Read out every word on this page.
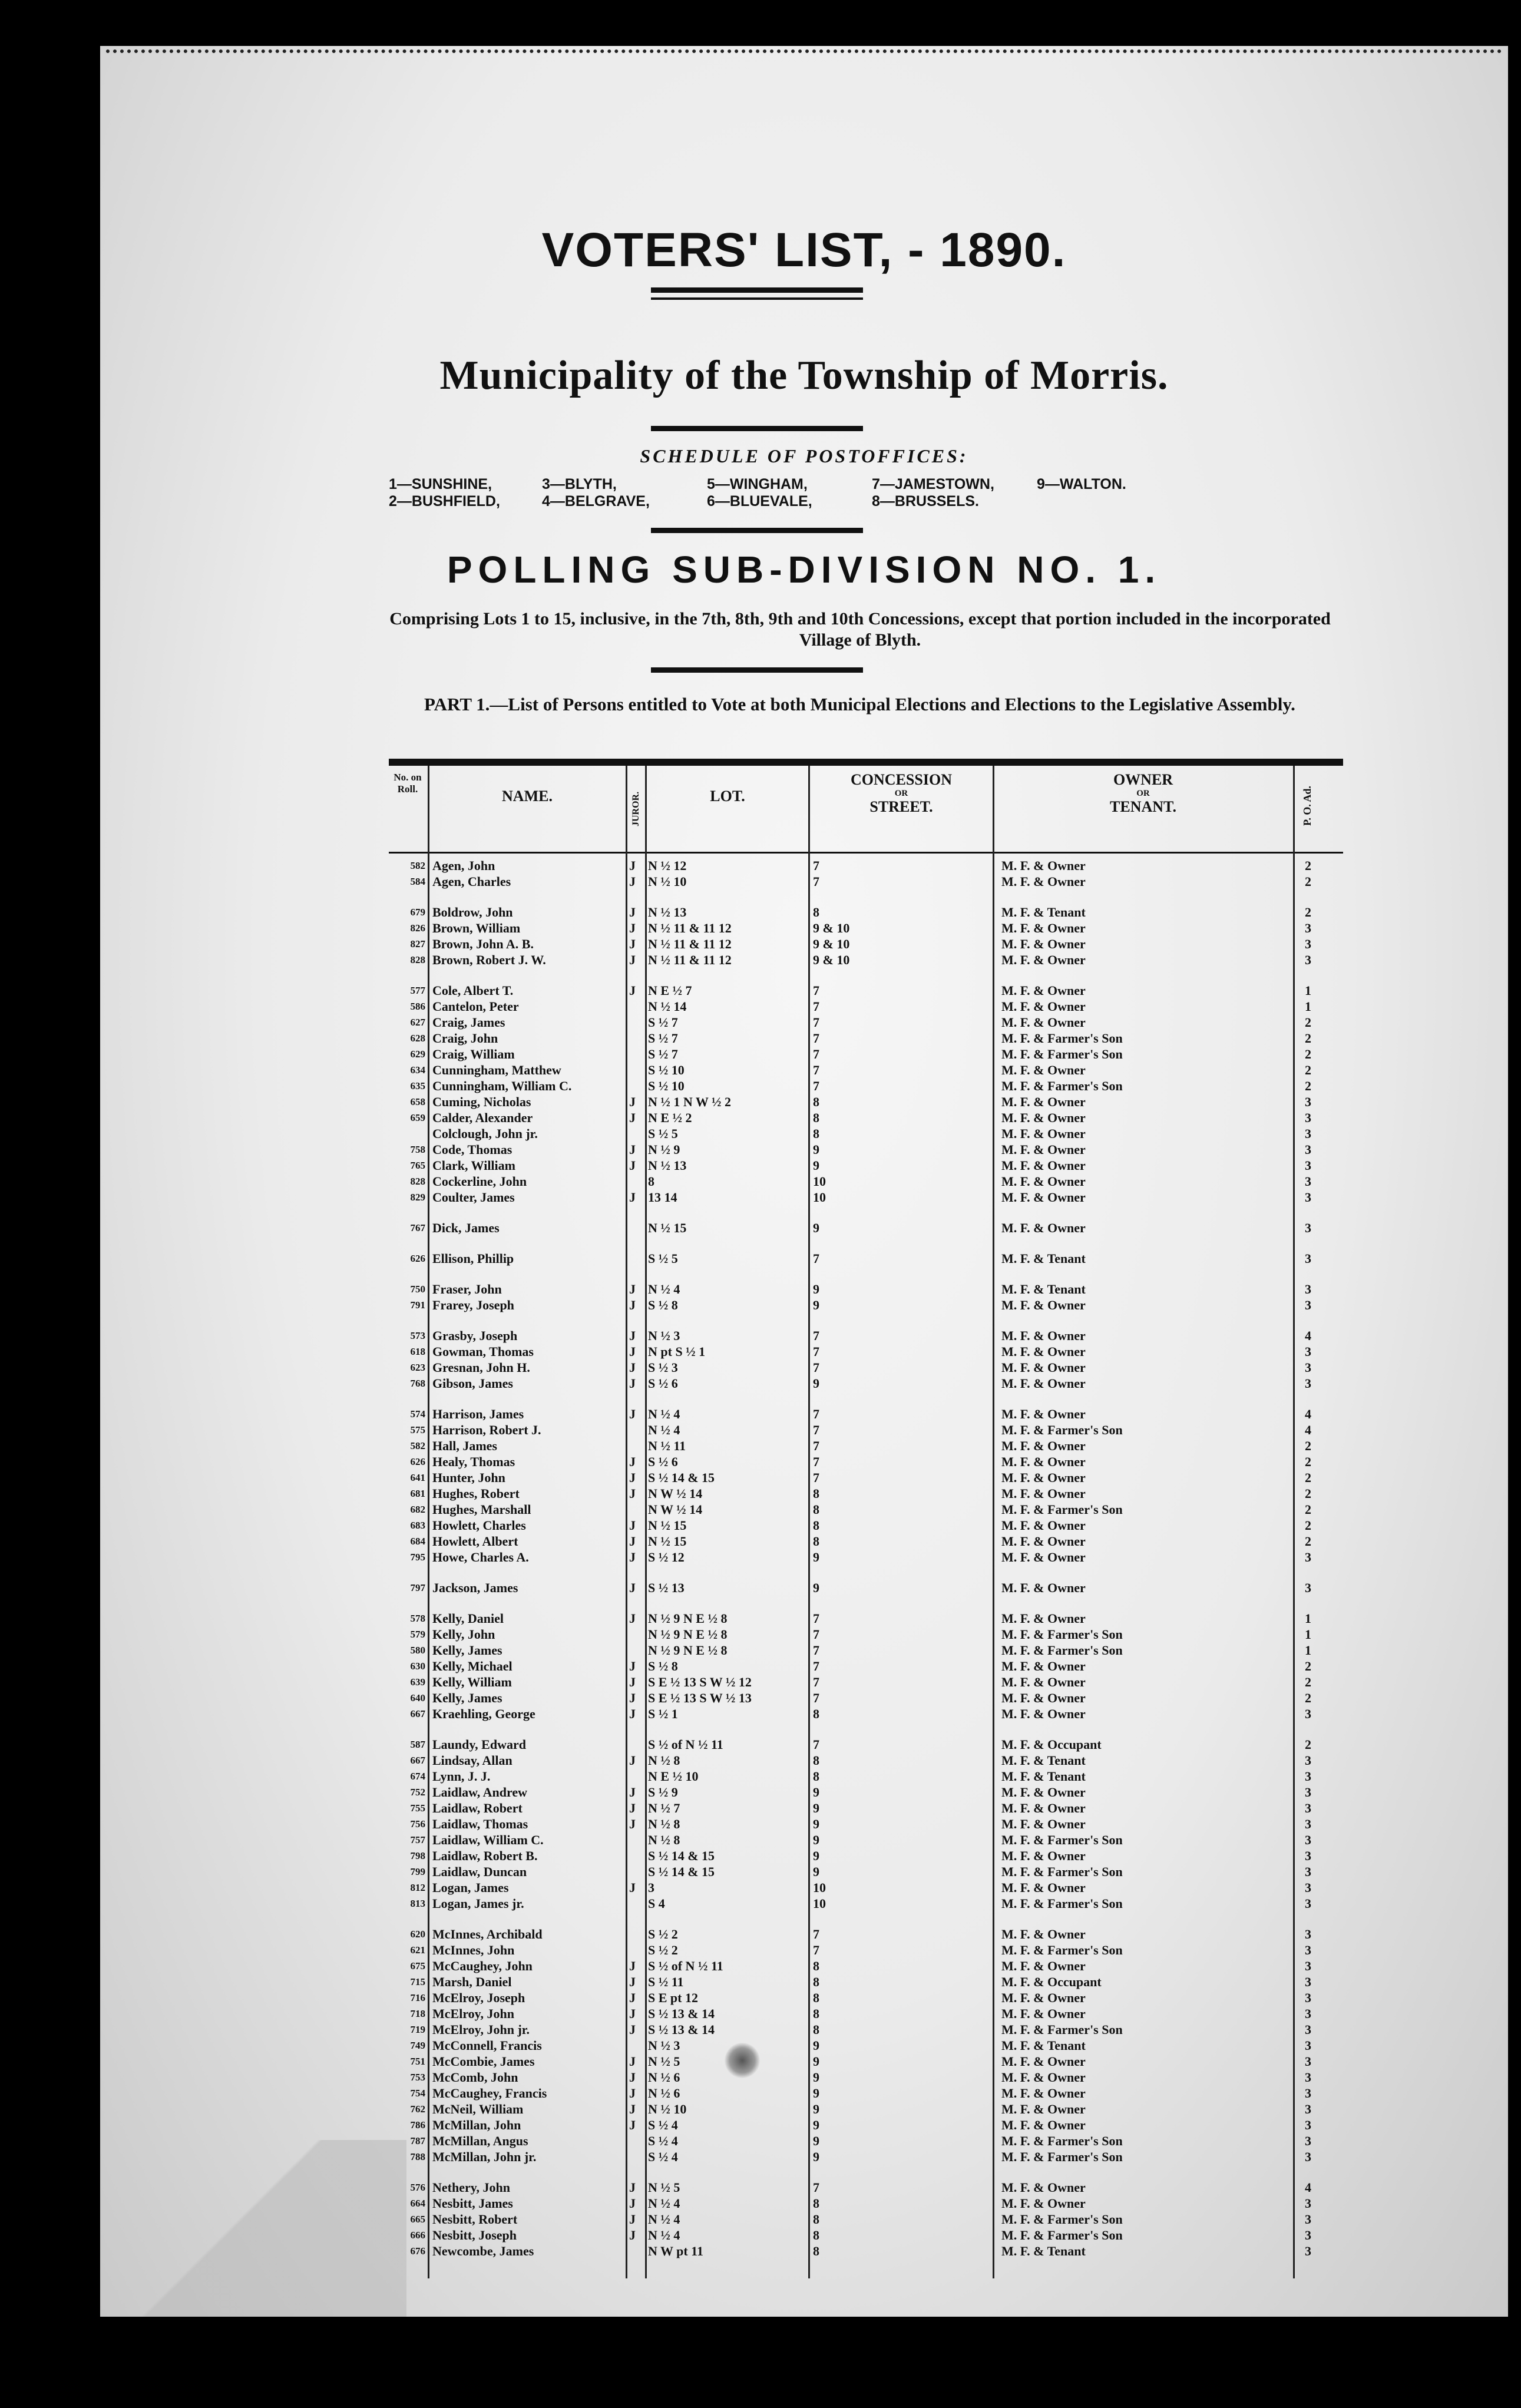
VOTERS' LIST, - 1890.
Municipality of the Township of Morris.
SCHEDULE OF POSTOFFICES:
1—SUNSHINE,	3—BLYTH,	5—WINGHAM,	7—JAMESTOWN,	9—WALTON.
2—BUSHFIELD,	4—BELGRAVE,	6—BLUEVALE,	8—BRUSSELS.
POLLING SUB-DIVISION NO. 1.
Comprising Lots 1 to 15, inclusive, in the 7th, 8th, 9th and 10th Concessions, except that portion included in the incorporated Village of Blyth.
PART 1.—List of Persons entitled to Vote at both Municipal Elections and Elections to the Legislative Assembly.
No. on Roll.	NAME.	JUROR.	LOT.
CONCESSION
OR
STREET.
OWNER
OR
TENANT.	P. O. Ad.
582 Agen, John	J N ½ 12	7	M. F. & Owner	2
584 Agen, Charles	J N ½ 10	7	M. F. & Owner	2
679 Boldrow, John	J N ½ 13	8	M. F. & Tenant	2
826 Brown, William	J N ½ 11 & 11 12	9 & 10	M. F. & Owner	3
827 Brown, John A. B.	J N ½ 11 & 11 12	9 & 10	M. F. & Owner	3
828 Brown, Robert J. W.	J N ½ 11 & 11 12	9 & 10	M. F. & Owner	3
577 Cole, Albert T.	J N E ½ 7	7	M. F. & Owner	1
586 Cantelon, Peter	N ½ 14	7	M. F. & Owner	1
627 Craig, James	S ½ 7	7	M. F. & Owner	2
628 Craig, John	S ½ 7	7	M. F. & Farmer's Son	2
629 Craig, William	S ½ 7	7	M. F. & Farmer's Son	2
634 Cunningham, Matthew	S ½ 10	7	M. F. & Owner	2
635 Cunningham, William C.	S ½ 10	7	M. F. & Farmer's Son	2
658 Cuming, Nicholas	J N ½ 1 N W ½ 2	8	M. F. & Owner	3
659 Calder, Alexander	J N E ½ 2	8	M. F. & Owner	3
Colclough, John jr.	S ½ 5	8	M. F. & Owner	3
758 Code, Thomas	J N ½ 9	9	M. F. & Owner	3
765 Clark, William	J N ½ 13	9	M. F. & Owner	3
828 Cockerline, John	8	10	M. F. & Owner	3
829 Coulter, James	J 13 14	10	M. F. & Owner	3
767 Dick, James	N ½ 15	9	M. F. & Owner	3
626 Ellison, Phillip	S ½ 5	7	M. F. & Tenant	3
750 Fraser, John	J N ½ 4	9	M. F. & Tenant	3
791 Frarey, Joseph	J S ½ 8	9	M. F. & Owner	3
573 Grasby, Joseph	J N ½ 3	7	M. F. & Owner	4
618 Gowman, Thomas	J N pt S ½ 1	7	M. F. & Owner	3
623 Gresnan, John H.	J S ½ 3	7	M. F. & Owner	3
768 Gibson, James	J S ½ 6	9	M. F. & Owner	3
574 Harrison, James	J N ½ 4	7	M. F. & Owner	4
575 Harrison, Robert J.	N ½ 4	7	M. F. & Farmer's Son	4
582 Hall, James	N ½ 11	7	M. F. & Owner	2
626 Healy, Thomas	J S ½ 6	7	M. F. & Owner	2
641 Hunter, John	J S ½ 14 & 15	7	M. F. & Owner	2
681 Hughes, Robert	J N W ½ 14	8	M. F. & Owner	2
682 Hughes, Marshall	N W ½ 14	8	M. F. & Farmer's Son	2
683 Howlett, Charles	J N ½ 15	8	M. F. & Owner	2
684 Howlett, Albert	J N ½ 15	8	M. F. & Owner	2
795 Howe, Charles A.	J S ½ 12	9	M. F. & Owner	3
797 Jackson, James	J S ½ 13	9	M. F. & Owner	3
578 Kelly, Daniel	J N ½ 9 N E ½ 8	7	M. F. & Owner	1
579 Kelly, John	N ½ 9 N E ½ 8	7	M. F. & Farmer's Son	1
580 Kelly, James	N ½ 9 N E ½ 8	7	M. F. & Farmer's Son	1
630 Kelly, Michael	J S ½ 8	7	M. F. & Owner	2
639 Kelly, William	J S E ½ 13 S W ½ 12	7	M. F. & Owner	2
640 Kelly, James	J S E ½ 13 S W ½ 13	7	M. F. & Owner	2
667 Kraehling, George	J S ½ 1	8	M. F. & Owner	3
587 Laundy, Edward	S ½ of N ½ 11	7	M. F. & Occupant	2
667 Lindsay, Allan	J N ½ 8	8	M. F. & Tenant	3
674 Lynn, J. J.	N E ½ 10	8	M. F. & Tenant	3
752 Laidlaw, Andrew	J S ½ 9	9	M. F. & Owner	3
755 Laidlaw, Robert	J N ½ 7	9	M. F. & Owner	3
756 Laidlaw, Thomas	J N ½ 8	9	M. F. & Owner	3
757 Laidlaw, William C.	N ½ 8	9	M. F. & Farmer's Son	3
798 Laidlaw, Robert B.	S ½ 14 & 15	9	M. F. & Owner	3
799 Laidlaw, Duncan	S ½ 14 & 15	9	M. F. & Farmer's Son	3
812 Logan, James	J 3	10	M. F. & Owner	3
813 Logan, James jr.	S 4	10	M. F. & Farmer's Son	3
620 McInnes, Archibald	S ½ 2	7	M. F. & Owner	3
621 McInnes, John	S ½ 2	7	M. F. & Farmer's Son	3
675 McCaughey, John	J S ½ of N ½ 11	8	M. F. & Owner	3
715 Marsh, Daniel	J S ½ 11	8	M. F. & Occupant	3
716 McElroy, Joseph	J S E pt 12	8	M. F. & Owner	3
718 McElroy, John	J S ½ 13 & 14	8	M. F. & Owner	3
719 McElroy, John jr.	J S ½ 13 & 14	8	M. F. & Farmer's Son	3
749 McConnell, Francis	N ½ 3	9	M. F. & Tenant	3
751 McCombie, James	J N ½ 5	9	M. F. & Owner	3
753 McComb, John	J N ½ 6	9	M. F. & Owner	3
754 McCaughey, Francis	J N ½ 6	9	M. F. & Owner	3
762 McNeil, William	J N ½ 10	9	M. F. & Owner	3
786 McMillan, John	J S ½ 4	9	M. F. & Owner	3
787 McMillan, Angus	S ½ 4	9	M. F. & Farmer's Son	3
788 McMillan, John jr.	S ½ 4	9	M. F. & Farmer's Son	3
576 Nethery, John	J N ½ 5	7	M. F. & Owner	4
664 Nesbitt, James	J N ½ 4	8	M. F. & Owner	3
665 Nesbitt, Robert	J N ½ 4	8	M. F. & Farmer's Son	3
666 Nesbitt, Joseph	J N ½ 4	8	M. F. & Farmer's Son	3
676 Newcombe, James	N W pt 11	8	M. F. & Tenant	3
